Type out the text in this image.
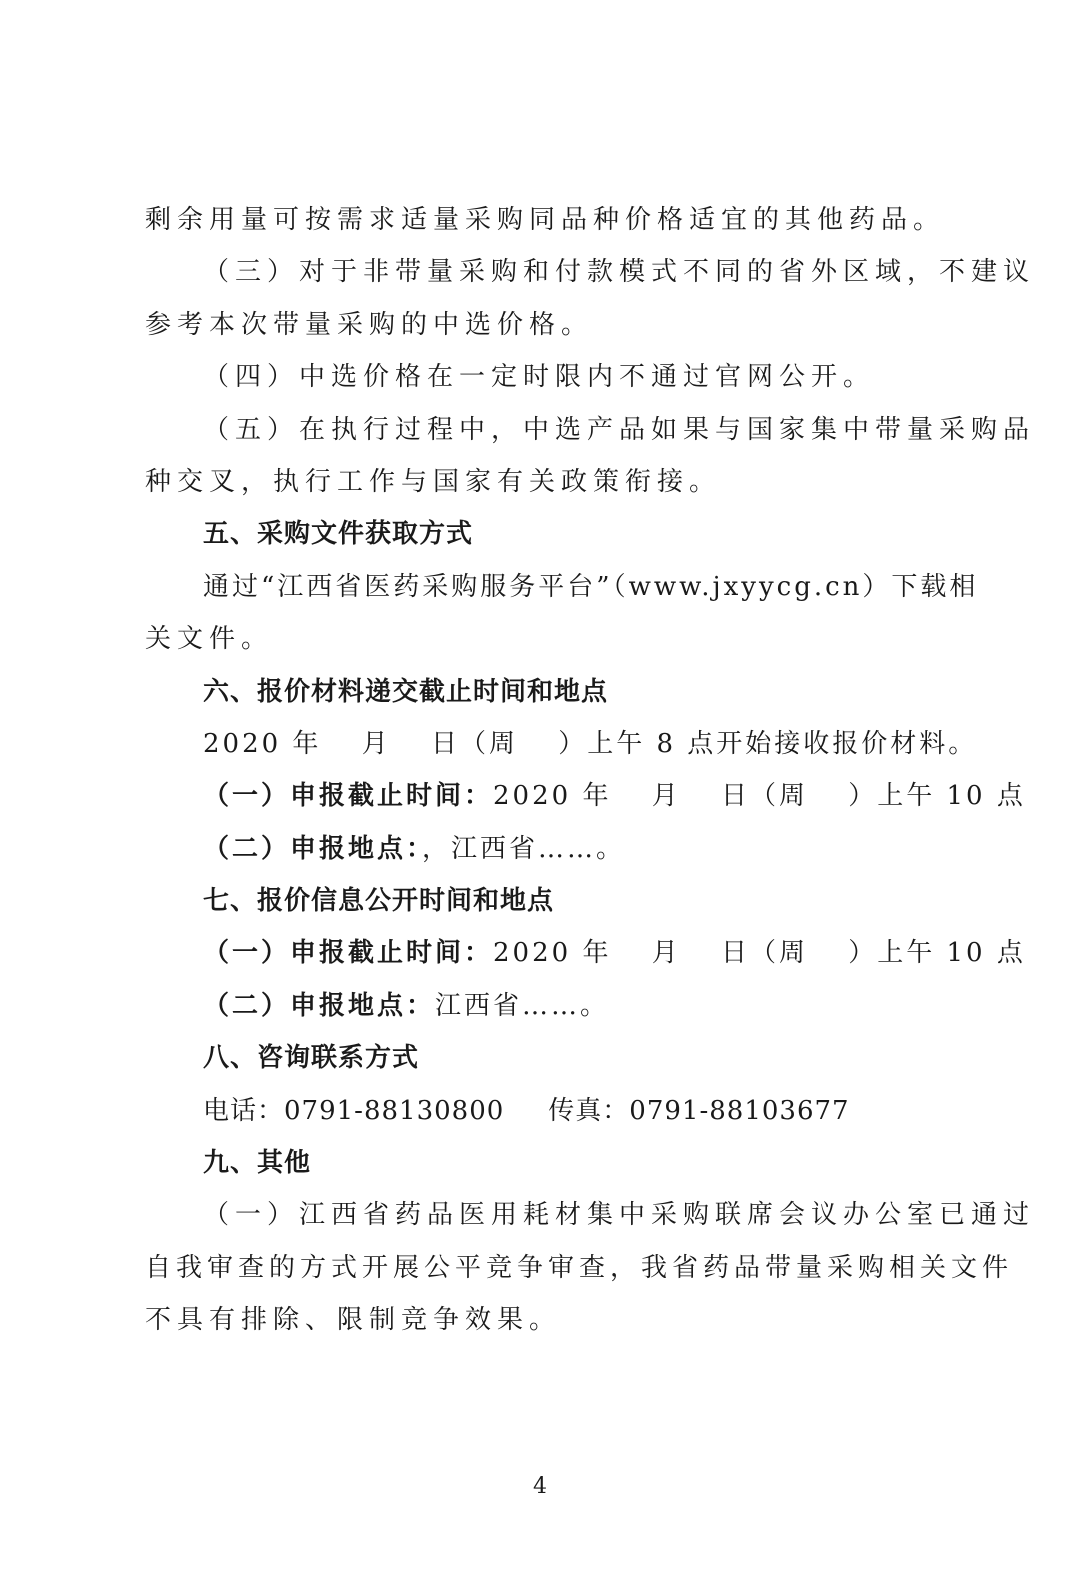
剩余用量可按需求适量采购同品种价格适宜的其他药品。
（三）对于非带量采购和付款模式不同的省外区域，不建议
参考本次带量采购的中选价格。
（四）中选价格在一定时限内不通过官网公开。
（五）在执行过程中，中选产品如果与国家集中带量采购品
种交叉，执行工作与国家有关政策衔接。
五、采购文件获取方式
通过“江西省医药采购服务平台”（www.jxyycg.cn）下载相
关文件。
六、报价材料递交截止时间和地点
2020 年　 月　 日（周　 ）上午 8 点开始接收报价材料。
（一）申报截止时间：2020 年　 月　 日（周　 ）上午 10 点
（二）申报地点：，江西省……。
七、报价信息公开时间和地点
（一）申报截止时间：2020 年　 月　 日（周　 ）上午 10 点
（二）申报地点：江西省……。
八、咨询联系方式
电话：0791-88130800 传真：0791-88103677
九、其他
（一）江西省药品医用耗材集中采购联席会议办公室已通过
自我审查的方式开展公平竞争审查，我省药品带量采购相关文件
不具有排除、限制竞争效果。
4
